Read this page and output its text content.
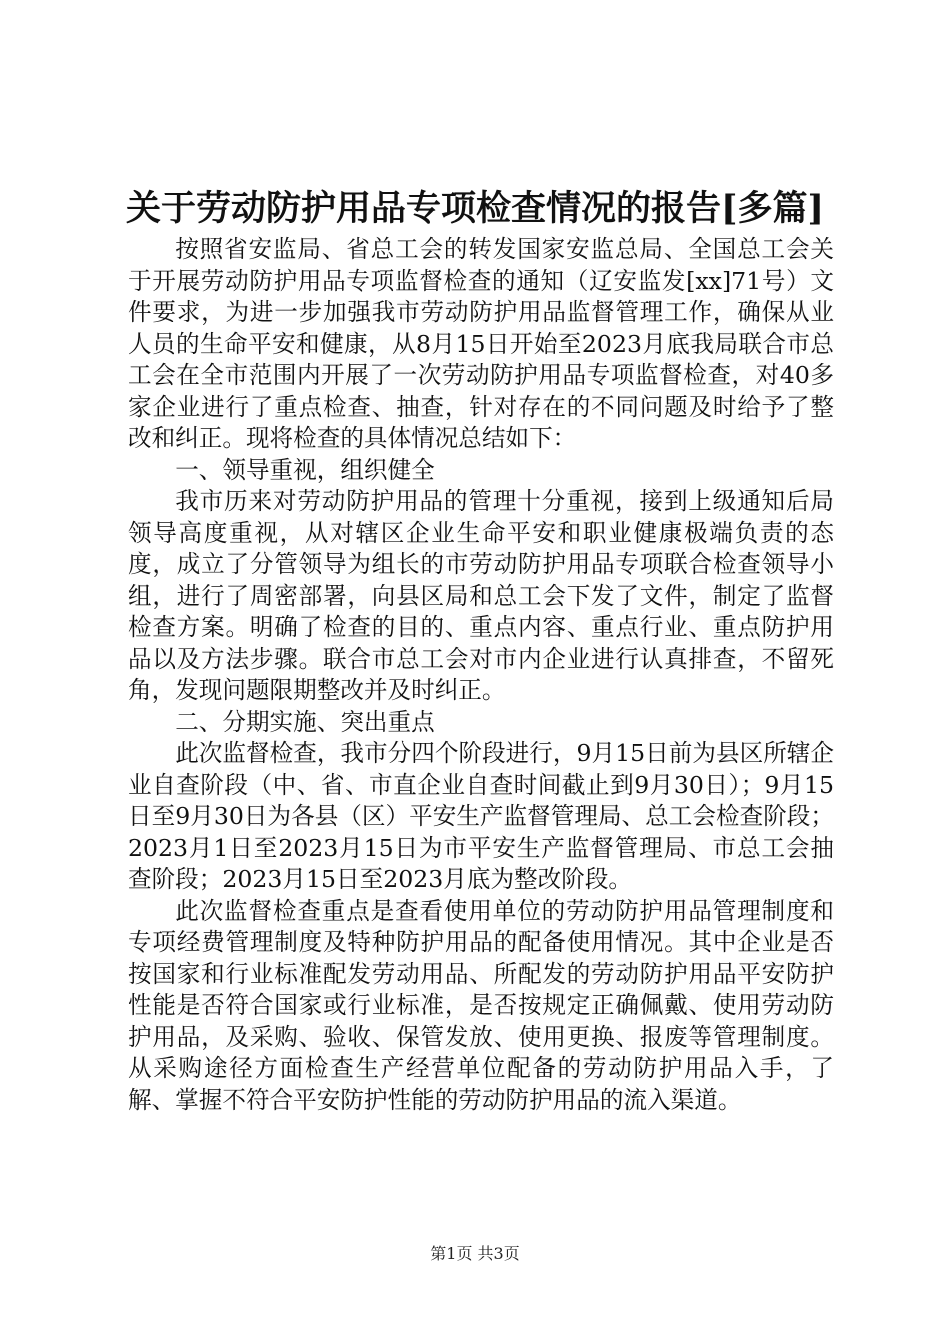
关于劳动防护用品专项检查情况的报告[多篇]

按照省安监局、省总工会的转发国家安监总局、全国总工会关于开展劳动防护用品专项监督检查的通知（辽安监发[xx]71号）文件要求，为进一步加强我市劳动防护用品监督管理工作，确保从业人员的生命平安和健康，从8月15日开始至2023月底我局联合市总工会在全市范围内开展了一次劳动防护用品专项监督检查，对40多家企业进行了重点检查、抽查，针对存在的不同问题及时给予了整改和纠正。现将检查的具体情况总结如下：

一、领导重视，组织健全

我市历来对劳动防护用品的管理十分重视，接到上级通知后局领导高度重视，从对辖区企业生命平安和职业健康极端负责的态度，成立了分管领导为组长的市劳动防护用品专项联合检查领导小组，进行了周密部署，向县区局和总工会下发了文件，制定了监督检查方案。明确了检查的目的、重点内容、重点行业、重点防护用品以及方法步骤。联合市总工会对市内企业进行认真排查，不留死角，发现问题限期整改并及时纠正。

二、分期实施、突出重点

此次监督检查，我市分四个阶段进行，9月15日前为县区所辖企业自查阶段（中、省、市直企业自查时间截止到9月30日）；9月15日至9月30日为各县（区）平安生产监督管理局、总工会检查阶段；2023月1日至2023月15日为市平安生产监督管理局、市总工会抽查阶段；2023月15日至2023月底为整改阶段。

此次监督检查重点是查看使用单位的劳动防护用品管理制度和专项经费管理制度及特种防护用品的配备使用情况。其中企业是否按国家和行业标准配发劳动用品、所配发的劳动防护用品平安防护性能是否符合国家或行业标准，是否按规定正确佩戴、使用劳动防护用品，及采购、验收、保管发放、使用更换、报废等管理制度。从采购途径方面检查生产经营单位配备的劳动防护用品入手，了解、掌握不符合平安防护性能的劳动防护用品的流入渠道。

第1页 共3页
